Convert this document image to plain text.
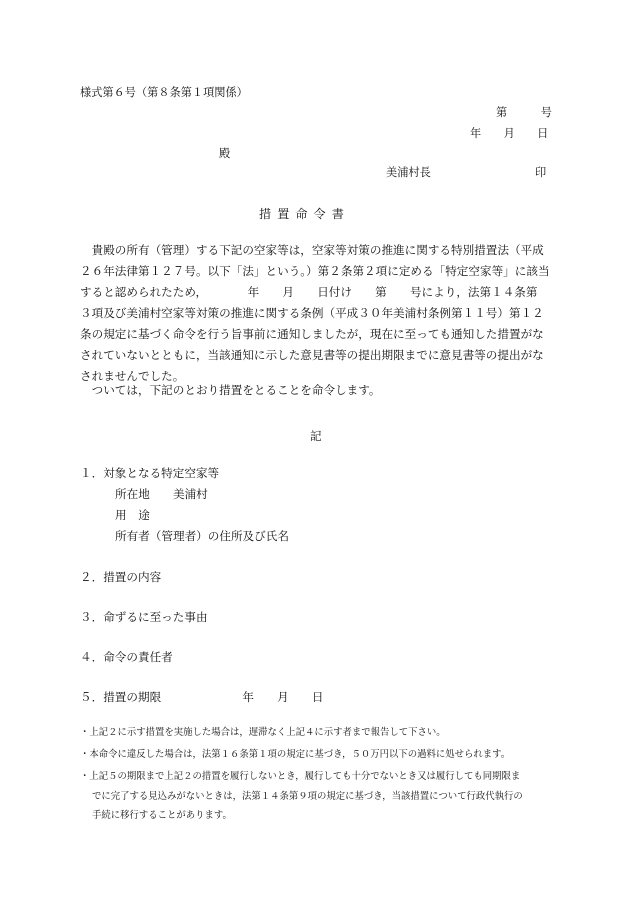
様式第６号（第８条第１項関係）
第　　　号
年　　月　　日
殿
美浦村長	印
措置命令書
　貴殿の所有（管理）する下記の空家等は，空家等対策の推進に関する特別措置法（平成
２６年法律第１２７号。以下「法」という。）第２条第２項に定める「特定空家等」に該当
すると認められたため，　　　　年　　月　　日付け　　第　　号により，法第１４条第
３項及び美浦村空家等対策の推進に関する条例（平成３０年美浦村条例第１１号）第１２
条の規定に基づく命令を行う旨事前に通知しましたが，現在に至っても通知した措置がな
されていないとともに，当該通知に示した意見書等の提出期限までに意見書等の提出がな
されませんでした。
　ついては，下記のとおり措置をとることを命令します。
記
１．対象となる特定空家等
所在地　　美浦村
用　途
所有者（管理者）の住所及び氏名
２．措置の内容
３．命ずるに至った事由
４．命令の責任者
５．措置の期限　　　　　　　年　　月　　日
・上記２に示す措置を実施した場合は，遅滞なく上記４に示す者まで報告して下さい。
・本命令に違反した場合は，法第１６条第１項の規定に基づき，５０万円以下の過料に処せられます。
・上記５の期限まで上記２の措置を履行しないとき，履行しても十分でないとき又は履行しても同期限ま
でに完了する見込みがないときは，法第１４条第９項の規定に基づき，当該措置について行政代執行の
手続に移行することがあります。
